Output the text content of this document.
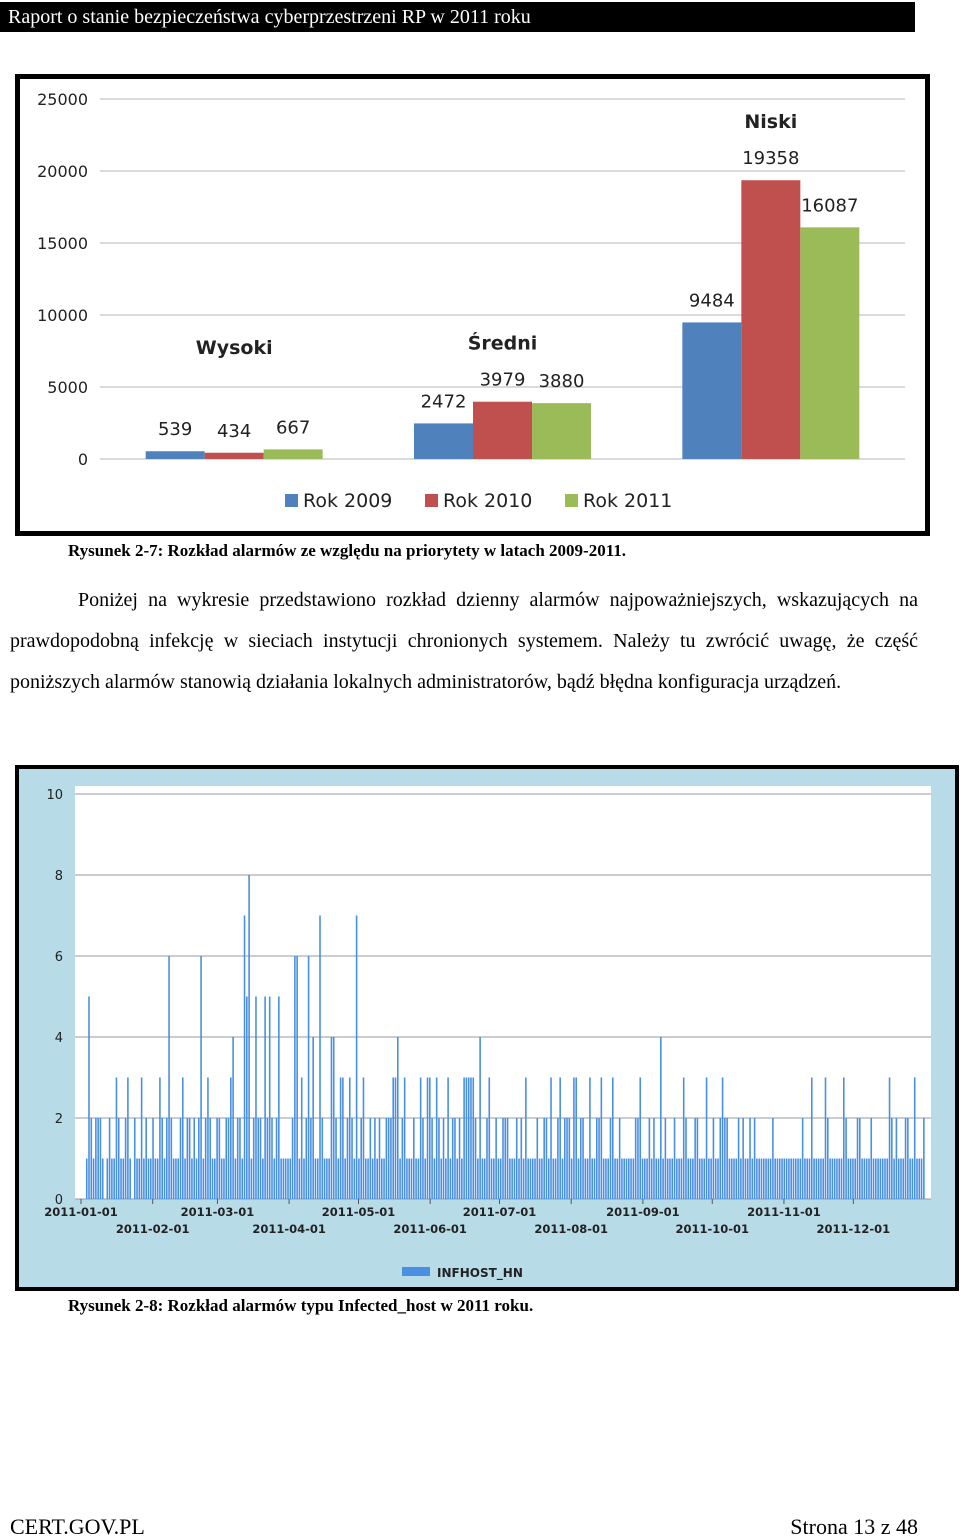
Raport o stanie bezpieczeństwa cyberprzestrzeni RP w 2011 roku
0
5000
10000
15000
20000
25000
539 434 667
Wysoki
2472
3979 3880
Średni
9484
19358
16087
Niski
Rok 2009	Rok 2010	Rok 2011
Rysunek 2-7: Rozkład alarmów ze względu na priorytety w latach 2009-2011.

Poniżej na wykresie przedstawiono rozkład dzienny alarmów najpoważniejszych, wskazujących na prawdopodobną infekcję w sieciach instytucji chronionych systemem. Należy tu zwrócić uwagę, że część poniższych alarmów stanowią działania lokalnych administratorów, bądź błędna konfiguracja urządzeń.

0
2
4
6
8
10
2011-01-01	2011-03-01	2011-05-01	2011-07-01	2011-09-01	2011-11-01
2011-02-01	2011-04-01	2011-06-01	2011-08-01	2011-10-01	2011-12-01
INFHOST_HN
Rysunek 2-8: Rozkład alarmów typu Infected_host w 2011 roku.
CERT.GOV.PL	Strona 13 z 48
